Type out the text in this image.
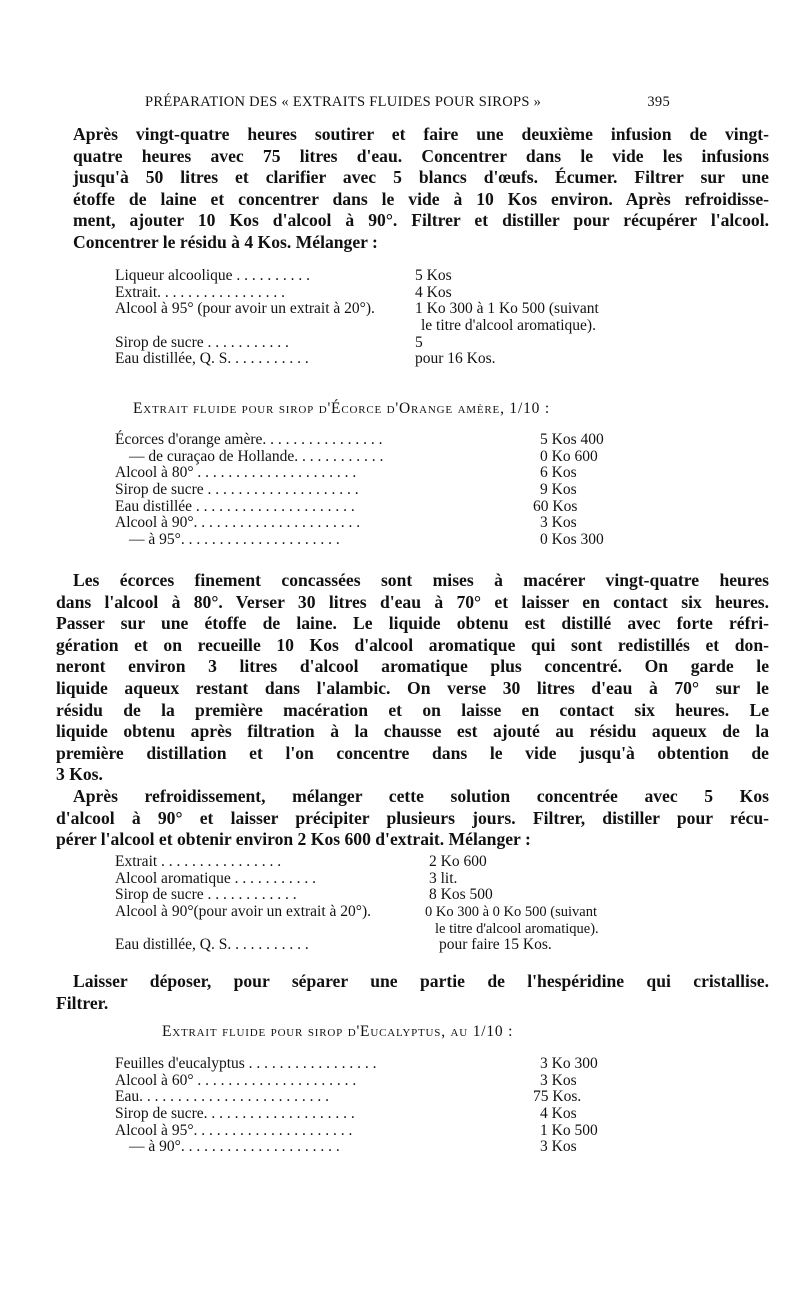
PRÉPARATION DES « EXTRAITS FLUIDES POUR SIROPS »	395
Après vingt-quatre heures soutirer et faire une deuxième infusion de vingt-
quatre heures avec 75 litres d'eau. Concentrer dans le vide les infusions
jusqu'à 50 litres et clarifier avec 5 blancs d'œufs. Écumer. Filtrer sur une
étoffe de laine et concentrer dans le vide à 10 Kos environ. Après refroidisse-
ment, ajouter 10 Kos d'alcool à 90°. Filtrer et distiller pour récupérer l'alcool.
Concentrer le résidu à 4 Kos. Mélanger :
Liqueur alcoolique . . . . . . . . . .	5 Kos
Extrait. . . . . . . . . . . . . . . . .	4 Kos
Alcool à 95° (pour avoir un extrait à 20°).	1 Ko 300 à 1 Ko 500 (suivant
le titre d'alcool aromatique).
Sirop de sucre . . . . . . . . . . .	5
Eau distillée, Q. S. . . . . . . . . . .	pour 16 Kos.
Extrait fluide pour sirop d'Écorce d'Orange amère, 1/10 :
Écorces d'orange amère. . . . . . . . . . . . . . . .	5 Kos 400
— de curaçao de Hollande. . . . . . . . . . . .	0 Ko 600
Alcool à 80° . . . . . . . . . . . . . . . . . . . . .	6 Kos
Sirop de sucre . . . . . . . . . . . . . . . . . . . .	9 Kos
Eau distillée . . . . . . . . . . . . . . . . . . . . .	60 Kos
Alcool à 90°. . . . . . . . . . . . . . . . . . . . . .	3 Kos
— à 95°. . . . . . . . . . . . . . . . . . . . .	0 Kos 300
Les écorces finement concassées sont mises à macérer vingt-quatre heures
dans l'alcool à 80°. Verser 30 litres d'eau à 70° et laisser en contact six heures.
Passer sur une étoffe de laine. Le liquide obtenu est distillé avec forte réfri-
gération et on recueille 10 Kos d'alcool aromatique qui sont redistillés et don-
neront environ 3 litres d'alcool aromatique plus concentré. On garde le
liquide aqueux restant dans l'alambic. On verse 30 litres d'eau à 70° sur le
résidu de la première macération et on laisse en contact six heures. Le
liquide obtenu après filtration à la chausse est ajouté au résidu aqueux de la
première distillation et l'on concentre dans le vide jusqu'à obtention de
3 Kos.
Après refroidissement, mélanger cette solution concentrée avec 5 Kos
d'alcool à 90° et laisser précipiter plusieurs jours. Filtrer, distiller pour récu-
pérer l'alcool et obtenir environ 2 Kos 600 d'extrait. Mélanger :
Extrait . . . . . . . . . . . . . . . .	2 Ko 600
Alcool aromatique . . . . . . . . . . .	3 lit.
Sirop de sucre . . . . . . . . . . . .	8 Kos 500
Alcool à 90°(pour avoir un extrait à 20°).	0 Ko 300 à 0 Ko 500 (suivant
le titre d'alcool aromatique).
Eau distillée, Q. S. . . . . . . . . . .	pour faire 15 Kos.
Laisser déposer, pour séparer une partie de l'hespéridine qui cristallise.
Filtrer.
Extrait fluide pour sirop d'Eucalyptus, au 1/10 :
Feuilles d'eucalyptus . . . . . . . . . . . . . . . . .	3 Ko 300
Alcool à 60° . . . . . . . . . . . . . . . . . . . . .	3 Kos
Eau. . . . . . . . . . . . . . . . . . . . . . . . .	75 Kos.
Sirop de sucre. . . . . . . . . . . . . . . . . . . .	4 Kos
Alcool à 95°. . . . . . . . . . . . . . . . . . . . .	1 Ko 500
— à 90°. . . . . . . . . . . . . . . . . . . . .	3 Kos
